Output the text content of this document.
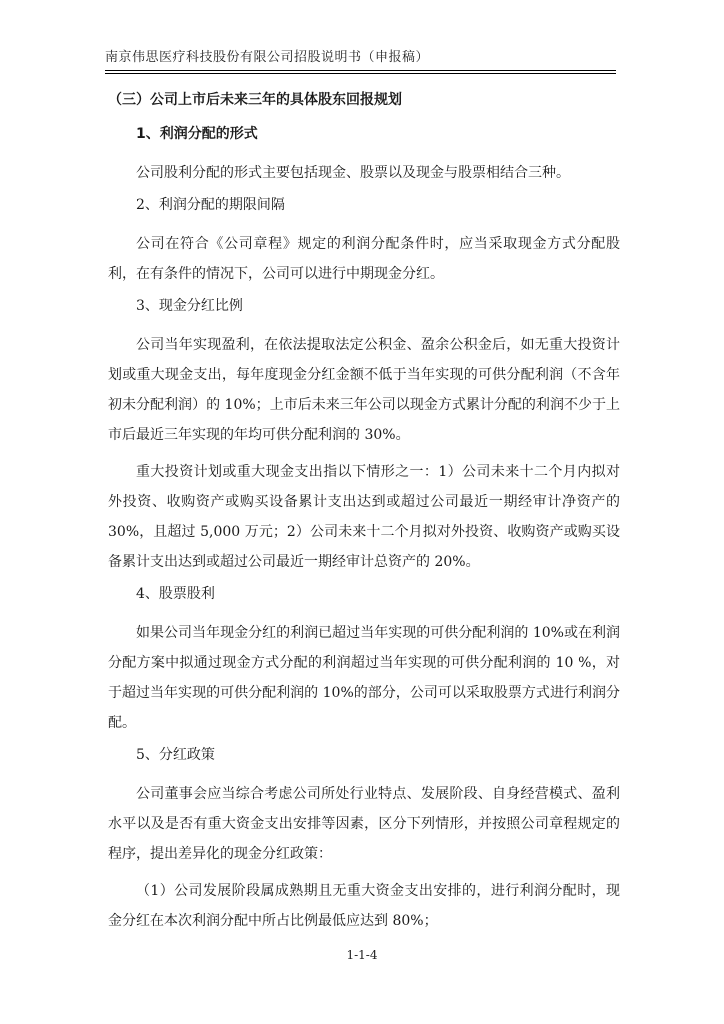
南京伟思医疗科技股份有限公司招股说明书（申报稿）
（三）公司上市后未来三年的具体股东回报规划
1、利润分配的形式
公司股利分配的形式主要包括现金、股票以及现金与股票相结合三种。
2、利润分配的期限间隔
公司在符合《公司章程》规定的利润分配条件时，应当采取现金方式分配股利，在有条件的情况下，公司可以进行中期现金分红。
3、现金分红比例
公司当年实现盈利，在依法提取法定公积金、盈余公积金后，如无重大投资计划或重大现金支出，每年度现金分红金额不低于当年实现的可供分配利润（不含年初未分配利润）的 10%；上市后未来三年公司以现金方式累计分配的利润不少于上市后最近三年实现的年均可供分配利润的 30%。
重大投资计划或重大现金支出指以下情形之一：1）公司未来十二个月内拟对外投资、收购资产或购买设备累计支出达到或超过公司最近一期经审计净资产的 30%，且超过 5,000 万元；2）公司未来十二个月拟对外投资、收购资产或购买设备累计支出达到或超过公司最近一期经审计总资产的 20%。
4、股票股利
如果公司当年现金分红的利润已超过当年实现的可供分配利润的 10%或在利润分配方案中拟通过现金方式分配的利润超过当年实现的可供分配利润的 10 %，对于超过当年实现的可供分配利润的 10%的部分，公司可以采取股票方式进行利润分配。
5、分红政策
公司董事会应当综合考虑公司所处行业特点、发展阶段、自身经营模式、盈利水平以及是否有重大资金支出安排等因素，区分下列情形，并按照公司章程规定的程序，提出差异化的现金分红政策：
（1）公司发展阶段属成熟期且无重大资金支出安排的，进行利润分配时，现金分红在本次利润分配中所占比例最低应达到 80%；
1-1-4
